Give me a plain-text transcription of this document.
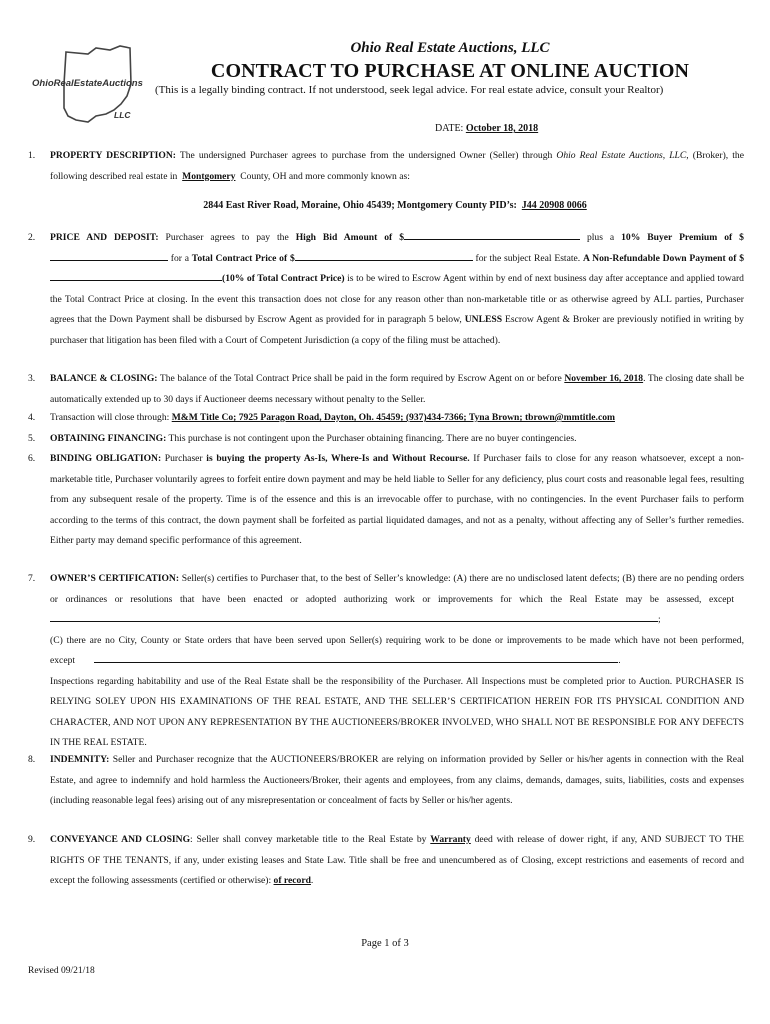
OhioRealEstateAuctions
LLC
Ohio Real Estate Auctions, LLC
CONTRACT TO PURCHASE AT ONLINE AUCTION
(This is a legally binding contract. If not understood, seek legal advice. For real estate advice, consult your Realtor)
DATE: October 18, 2018
1.	PROPERTY DESCRIPTION: The undersigned Purchaser agrees to purchase from the undersigned Owner (Seller) through Ohio Real Estate Auctions, LLC, (Broker), the following described real estate in  Montgomery  County, OH and more commonly known as:
2844 East River Road, Moraine, Ohio 45439; Montgomery County PID’s: J44 20908 0066
2.	PRICE AND DEPOSIT: Purchaser agrees to pay the High Bid Amount of $	plus a 10% Buyer Premium of $ for a Total Contract Price of $	for the subject Real Estate. A Non-Refundable Down Payment of $(10% of Total Contract Price) is to be wired to Escrow Agent within by end of next business day after acceptance and applied toward the Total Contract Price at closing. In the event this transaction does not close for any reason other than non-marketable title or as otherwise agreed by ALL parties, Purchaser agrees that the Down Payment shall be disbursed by Escrow Agent as provided for in paragraph 5 below, UNLESS Escrow Agent & Broker are previously notified in writing by purchaser that litigation has been filed with a Court of Competent Jurisdiction (a copy of the filing must be attached).
3.	BALANCE & CLOSING: The balance of the Total Contract Price shall be paid in the form required by Escrow Agent on or before November 16, 2018. The closing date shall be automatically extended up to 30 days if Auctioneer deems necessary without penalty to the Seller.
4.	Transaction will close through: M&M Title Co; 7925 Paragon Road, Dayton, Oh. 45459; (937)434-7366; Tyna Brown; tbrown@mmtitle.com
5.	OBTAINING FINANCING: This purchase is not contingent upon the Purchaser obtaining financing. There are no buyer contingencies.
6.	BINDING OBLIGATION: Purchaser is buying the property As-Is, Where-Is and Without Recourse. If Purchaser fails to close for any reason whatsoever, except a non-marketable title, Purchaser voluntarily agrees to forfeit entire down payment and may be held liable to Seller for any deficiency, plus court costs and reasonable legal fees, resulting from any subsequent resale of the property. Time is of the essence and this is an irrevocable offer to purchase, with no contingencies. In the event Purchaser fails to perform according to the terms of this contract, the down payment shall be forfeited as partial liquidated damages, and not as a penalty, without affecting any of Seller’s further remedies. Either party may demand specific performance of this agreement.
7.	OWNER’S CERTIFICATION: Seller(s) certifies to Purchaser that, to the best of Seller’s knowledge: (A) there are no undisclosed latent defects; (B) there are no pending orders or ordinances or resolutions that have been enacted or adopted authorizing work or improvements for which the Real Estate may be assessed, except  ;
(C) there are no City, County or State orders that have been served upon Seller(s) requiring work to be done or improvements to be made which have not been performed, except	.
Inspections regarding habitability and use of the Real Estate shall be the responsibility of the Purchaser. All Inspections must be completed prior to Auction. PURCHASER IS RELYING SOLEY UPON HIS EXAMINATIONS OF THE REAL ESTATE, AND THE SELLER’S CERTIFICATION HEREIN FOR ITS PHYSICAL CONDITION AND CHARACTER, AND NOT UPON ANY REPRESENTATION BY THE AUCTIONEERS/BROKER INVOLVED, WHO SHALL NOT BE RESPONSIBLE FOR ANY DEFECTS IN THE REAL ESTATE.
8.	INDEMNITY: Seller and Purchaser recognize that the AUCTIONEERS/BROKER are relying on information provided by Seller or his/her agents in connection with the Real Estate, and agree to indemnify and hold harmless the Auctioneers/Broker, their agents and employees, from any claims, demands, damages, suits, liabilities, costs and expenses (including reasonable legal fees) arising out of any misrepresentation or concealment of facts by Seller or his/her agents.
9.	CONVEYANCE AND CLOSING: Seller shall convey marketable title to the Real Estate by Warranty deed with release of dower right, if any, AND SUBJECT TO THE RIGHTS OF THE TENANTS, if any, under existing leases and State Law. Title shall be free and unencumbered as of Closing, except restrictions and easements of record and except the following assessments (certified or otherwise): of record.
Page 1 of 3
Revised 09/21/18
